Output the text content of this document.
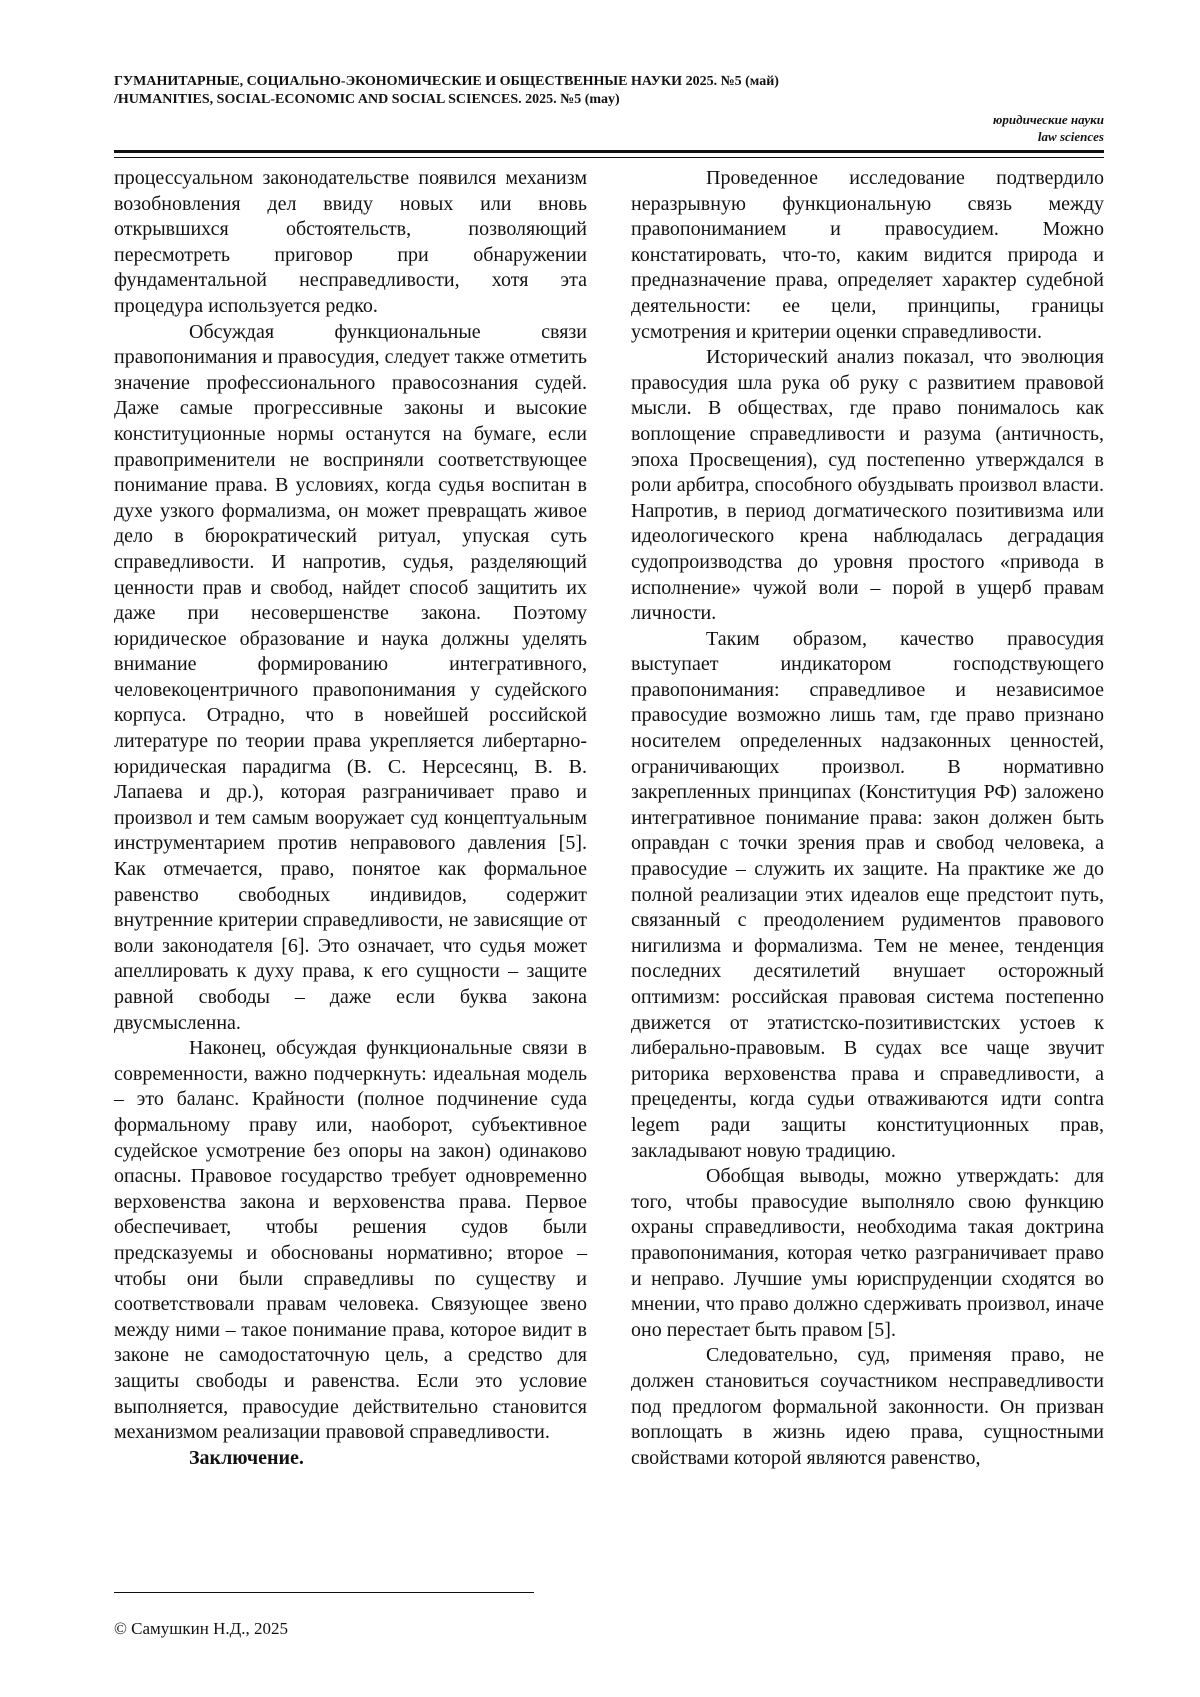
ГУМАНИТАРНЫЕ, СОЦИАЛЬНО-ЭКОНОМИЧЕСКИЕ И ОБЩЕСТВЕННЫЕ НАУКИ 2025. №5 (май)
/HUMANITIES, SOCIAL-ECONOMIC AND SOCIAL SCIENCES. 2025. №5 (may)
юридические науки
law sciences

процессуальном законодательстве появился механизм возобновления дел ввиду новых или вновь открывшихся обстоятельств, позволяющий пересмотреть приговор при обнаружении фундаментальной несправедливости, хотя эта процедура используется редко.

Обсуждая функциональные связи правопонимания и правосудия, следует также отметить значение профессионального правосознания судей. Даже самые прогрессивные законы и высокие конституционные нормы останутся на бумаге, если правоприменители не восприняли соответствующее понимание права. В условиях, когда судья воспитан в духе узкого формализма, он может превращать живое дело в бюрократический ритуал, упуская суть справедливости. И напротив, судья, разделяющий ценности прав и свобод, найдет способ защитить их даже при несовершенстве закона. Поэтому юридическое образование и наука должны уделять внимание формированию интегративного, человекоцентричного правопонимания у судейского корпуса. Отрадно, что в новейшей российской литературе по теории права укрепляется либертарно-юридическая парадигма (В. С. Нерсесянц, В. В. Лапаева и др.), которая разграничивает право и произвол и тем самым вооружает суд концептуальным инструментарием против неправового давления [5]. Как отмечается, право, понятое как формальное равенство свободных индивидов, содержит внутренние критерии справедливости, не зависящие от воли законодателя [6]. Это означает, что судья может апеллировать к духу права, к его сущности – защите равной свободы – даже если буква закона двусмысленна.

Наконец, обсуждая функциональные связи в современности, важно подчеркнуть: идеальная модель – это баланс. Крайности (полное подчинение суда формальному праву или, наоборот, субъективное судейское усмотрение без опоры на закон) одинаково опасны. Правовое государство требует одновременно верховенства закона и верховенства права. Первое обеспечивает, чтобы решения судов были предсказуемы и обоснованы нормативно; второе – чтобы они были справедливы по существу и соответствовали правам человека. Связующее звено между ними – такое понимание права, которое видит в законе не самодостаточную цель, а средство для защиты свободы и равенства. Если это условие выполняется, правосудие действительно становится механизмом реализации правовой справедливости.

Заключение.

Проведенное исследование подтвердило неразрывную функциональную связь между правопониманием и правосудием. Можно констатировать, что-то, каким видится природа и предназначение права, определяет характер судебной деятельности: ее цели, принципы, границы усмотрения и критерии оценки справедливости.

Исторический анализ показал, что эволюция правосудия шла рука об руку с развитием правовой мысли. В обществах, где право понималось как воплощение справедливости и разума (античность, эпоха Просвещения), суд постепенно утверждался в роли арбитра, способного обуздывать произвол власти. Напротив, в период догматического позитивизма или идеологического крена наблюдалась деградация судопроизводства до уровня простого «привода в исполнение» чужой воли – порой в ущерб правам личности.

Таким образом, качество правосудия выступает индикатором господствующего правопонимания: справедливое и независимое правосудие возможно лишь там, где право признано носителем определенных надзаконных ценностей, ограничивающих произвол. В нормативно закрепленных принципах (Конституция РФ) заложено интегративное понимание права: закон должен быть оправдан с точки зрения прав и свобод человека, а правосудие – служить их защите. На практике же до полной реализации этих идеалов еще предстоит путь, связанный с преодолением рудиментов правового нигилизма и формализма. Тем не менее, тенденция последних десятилетий внушает осторожный оптимизм: российская правовая система постепенно движется от этатистско-позитивистских устоев к либерально-правовым. В судах все чаще звучит риторика верховенства права и справедливости, а прецеденты, когда судьи отваживаются идти contra legem ради защиты конституционных прав, закладывают новую традицию.

Обобщая выводы, можно утверждать: для того, чтобы правосудие выполняло свою функцию охраны справедливости, необходима такая доктрина правопонимания, которая четко разграничивает право и неправо. Лучшие умы юриспруденции сходятся во мнении, что право должно сдерживать произвол, иначе оно перестает быть правом [5].

Следовательно, суд, применяя право, не должен становиться соучастником несправедливости под предлогом формальной законности. Он призван воплощать в жизнь идею права, сущностными свойствами которой являются равенство,

© Самушкин Н.Д., 2025
